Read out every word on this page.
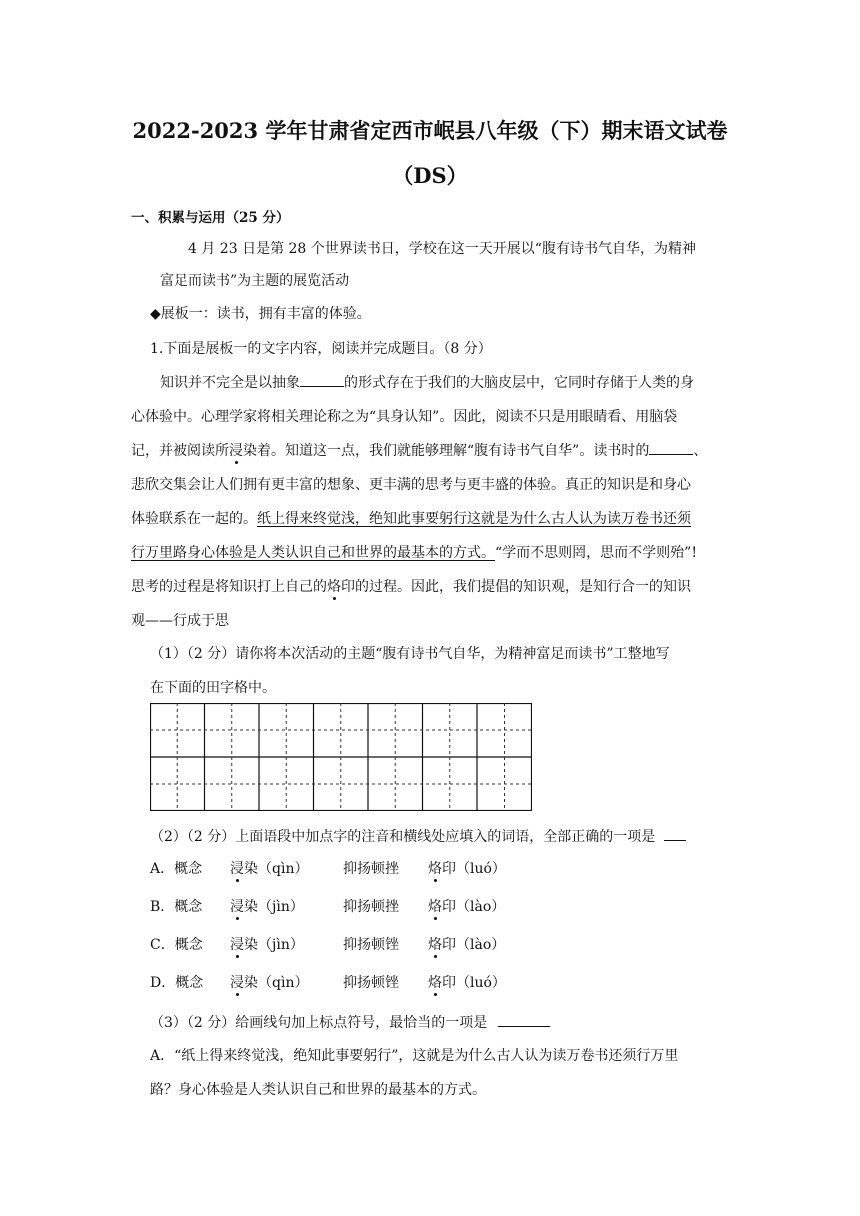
2022-2023 学年甘肃省定西市岷县八年级（下）期末语文试卷
（DS）
一、积累与运用（25 分）
4 月 23 日是第 28 个世界读书日，学校在这一天开展以“腹有诗书气自华，为精神
富足而读书”为主题的展览活动
◆展板一：读书，拥有丰富的体验。
1.下面是展板一的文字内容，阅读并完成题目。（8 分）
知识并不完全是以抽象	的形式存在于我们的大脑皮层中，它同时存储于人类的身
心体验中。心理学家将相关理论称之为“具身认知”。因此，阅读不只是用眼睛看、用脑袋
记，并被阅读所浸染着。知道这一点，我们就能够理解“腹有诗书气自华”。读书时的	、
悲欣交集会让人们拥有更丰富的想象、更丰满的思考与更丰盛的体验。真正的知识是和身心
体验联系在一起的。纸上得来终觉浅，绝知此事要躬行这就是为什么古人认为读万卷书还须
行万里路身心体验是人类认识自己和世界的最基本的方式。“学而不思则罔，思而不学则殆”!
思考的过程是将知识打上自己的烙印的过程。因此，我们提倡的知识观，是知行合一的知识
观——行成于思
（1）（2 分）请你将本次活动的主题“腹有诗书气自华，为精神富足而读书”工整地写
在下面的田字格中。
（2）（2 分）上面语段中加点字的注音和横线处应填入的词语，全部正确的一项是
A．概念 浸染（qìn） 抑扬顿挫 烙印（luó）
B．概念 浸染（jìn）	抑扬顿挫 烙印（lào）
C．概念 浸染（jìn）	抑扬顿锉 烙印（lào）
D．概念 浸染（qìn） 抑扬顿锉 烙印（luó）
（3）（2 分）给画线句加上标点符号，最恰当的一项是
A．“纸上得来终觉浅，绝知此事要躬行”，这就是为什么古人认为读万卷书还须行万里
路？身心体验是人类认识自己和世界的最基本的方式。
